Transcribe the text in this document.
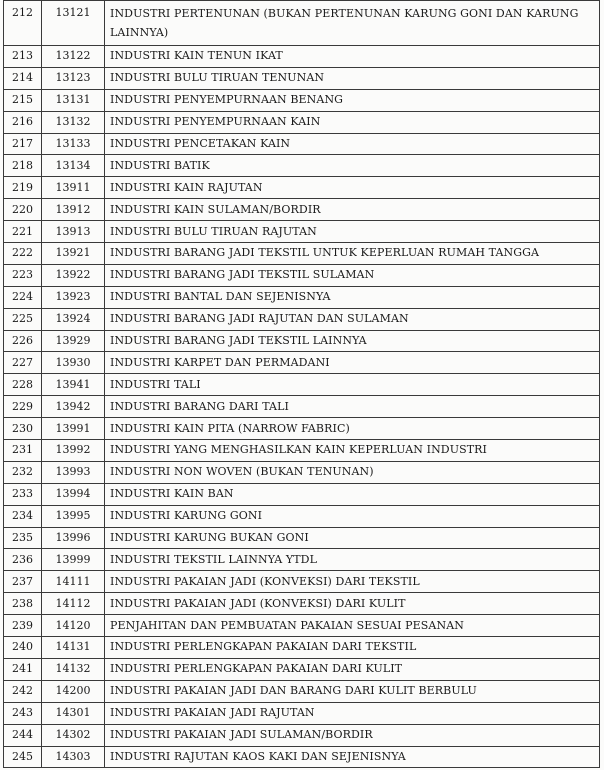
212	13121	INDUSTRI PERTENUNAN (BUKAN PERTENUNAN KARUNG GONI DAN KARUNG LAINNYA)
213	13122	INDUSTRI KAIN TENUN IKAT
214	13123	INDUSTRI BULU TIRUAN TENUNAN
215	13131	INDUSTRI PENYEMPURNAAN BENANG
216	13132	INDUSTRI PENYEMPURNAAN KAIN
217	13133	INDUSTRI PENCETAKAN KAIN
218	13134	INDUSTRI BATIK
219	13911	INDUSTRI KAIN RAJUTAN
220	13912	INDUSTRI KAIN SULAMAN/BORDIR
221	13913	INDUSTRI BULU TIRUAN RAJUTAN
222	13921	INDUSTRI BARANG JADI TEKSTIL UNTUK KEPERLUAN RUMAH TANGGA
223	13922	INDUSTRI BARANG JADI TEKSTIL SULAMAN
224	13923	INDUSTRI BANTAL DAN SEJENISNYA
225	13924	INDUSTRI BARANG JADI RAJUTAN DAN SULAMAN
226	13929	INDUSTRI BARANG JADI TEKSTIL LAINNYA
227	13930	INDUSTRI KARPET DAN PERMADANI
228	13941	INDUSTRI TALI
229	13942	INDUSTRI BARANG DARI TALI
230	13991	INDUSTRI KAIN PITA (NARROW FABRIC)
231	13992	INDUSTRI YANG MENGHASILKAN KAIN KEPERLUAN INDUSTRI
232	13993	INDUSTRI NON WOVEN (BUKAN TENUNAN)
233	13994	INDUSTRI KAIN BAN
234	13995	INDUSTRI KARUNG GONI
235	13996	INDUSTRI KARUNG BUKAN GONI
236	13999	INDUSTRI TEKSTIL LAINNYA YTDL
237	14111	INDUSTRI PAKAIAN JADI (KONVEKSI) DARI TEKSTIL
238	14112	INDUSTRI PAKAIAN JADI (KONVEKSI) DARI KULIT
239	14120	PENJAHITAN DAN PEMBUATAN PAKAIAN SESUAI PESANAN
240	14131	INDUSTRI PERLENGKAPAN PAKAIAN DARI TEKSTIL
241	14132	INDUSTRI PERLENGKAPAN PAKAIAN DARI KULIT
242	14200	INDUSTRI PAKAIAN JADI DAN BARANG DARI KULIT BERBULU
243	14301	INDUSTRI PAKAIAN JADI RAJUTAN
244	14302	INDUSTRI PAKAIAN JADI SULAMAN/BORDIR
245	14303	INDUSTRI RAJUTAN KAOS KAKI DAN SEJENISNYA
